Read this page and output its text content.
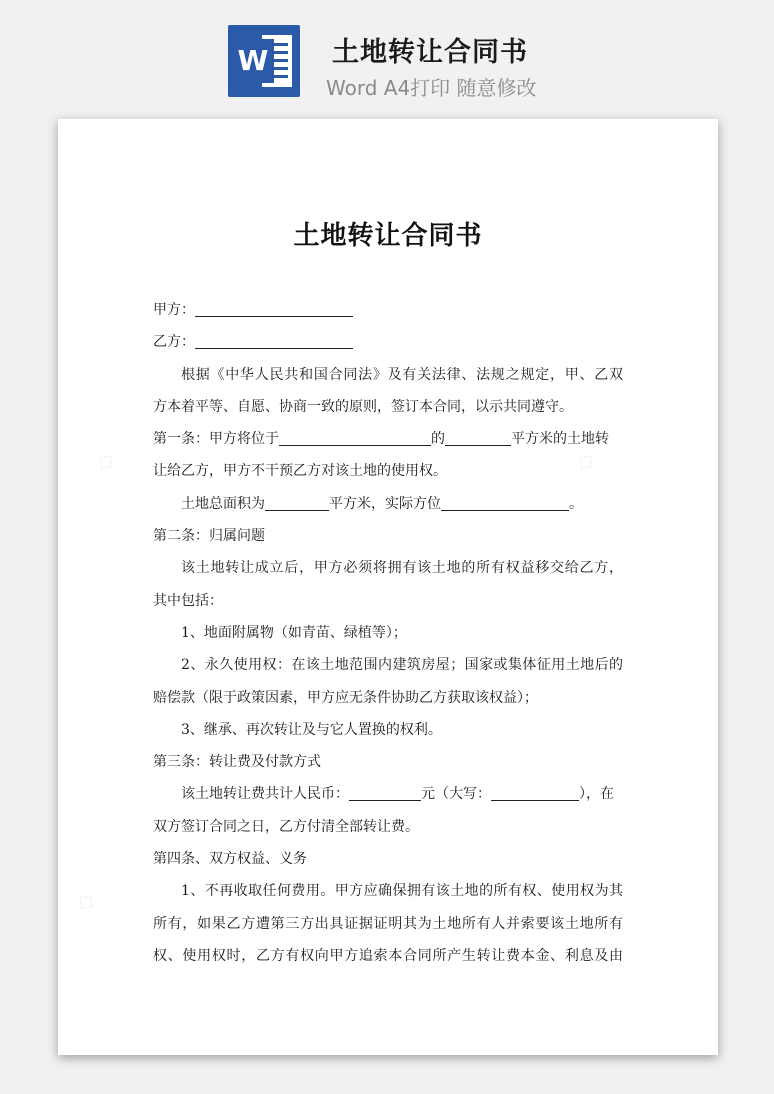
W 土地转让合同书
Word A4打印 随意修改
◇	◇
◇
土地转让合同书
甲方：
乙方：
根据《中华人民共和国合同法》及有关法律、法规之规定，甲、乙双
方本着平等、自愿、协商一致的原则，签订本合同，以示共同遵守。
第一条：甲方将位于	的	平方米的土地转
让给乙方，甲方不干预乙方对该土地的使用权。
土地总面积为	平方米，实际方位	。
第二条：归属问题
该土地转让成立后，甲方必须将拥有该土地的所有权益移交给乙方，
其中包括：
1、地面附属物（如青苗、绿植等）；
2、永久使用权：在该土地范围内建筑房屋；国家或集体征用土地后的
赔偿款（限于政策因素，甲方应无条件协助乙方获取该权益）；
3、继承、再次转让及与它人置换的权利。
第三条：转让费及付款方式
该土地转让费共计人民币：	元（大写：	），在
双方签订合同之日，乙方付清全部转让费。
第四条、双方权益、义务
1、不再收取任何费用。甲方应确保拥有该土地的所有权、使用权为其
所有，如果乙方遭第三方出具证据证明其为土地所有人并索要该土地所有
权、使用权时，乙方有权向甲方追索本合同所产生转让费本金、利息及由
